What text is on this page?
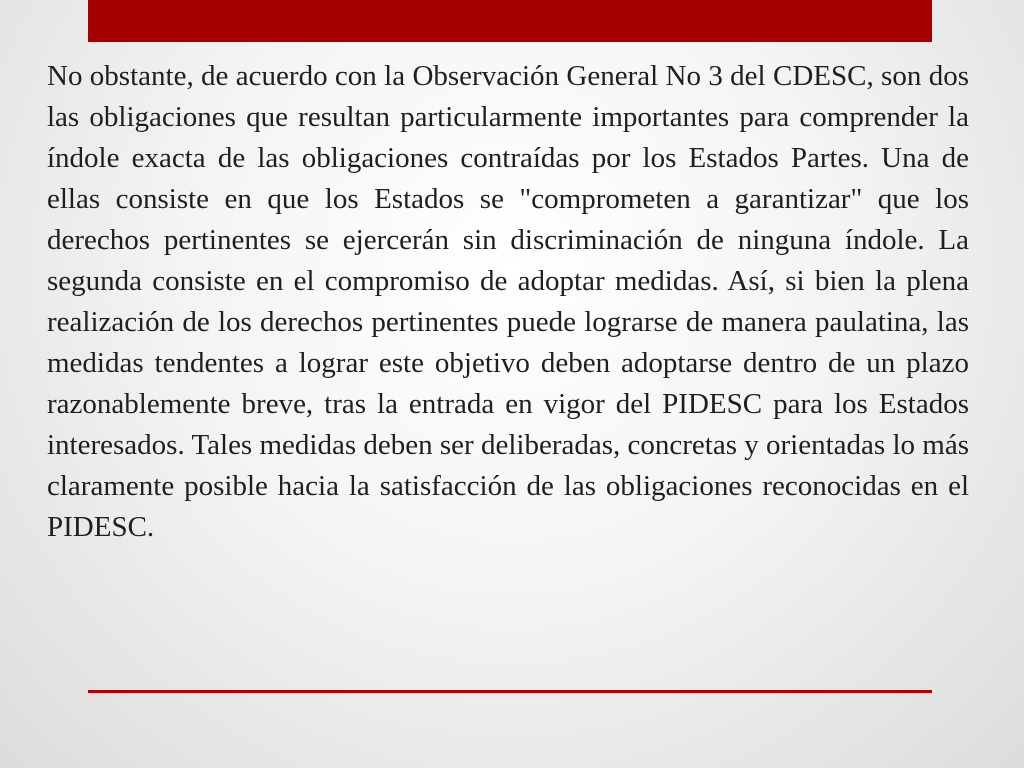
No obstante, de acuerdo con la Observación General No 3 del CDESC, son dos las obligaciones que resultan particularmente importantes para comprender la índole exacta de las obligaciones contraídas por los Estados Partes. Una de ellas consiste en que los Estados se "comprometen a garantizar" que los derechos pertinentes se ejercerán sin discriminación de ninguna índole. La segunda consiste en el compromiso de adoptar medidas. Así, si bien la plena realización de los derechos pertinentes puede lograrse de manera paulatina, las medidas tendentes a lograr este objetivo deben adoptarse dentro de un plazo razonablemente breve, tras la entrada en vigor del PIDESC para los Estados interesados. Tales medidas deben ser deliberadas, concretas y orientadas lo más claramente posible hacia la satisfacción de las obligaciones reconocidas en el PIDESC.
